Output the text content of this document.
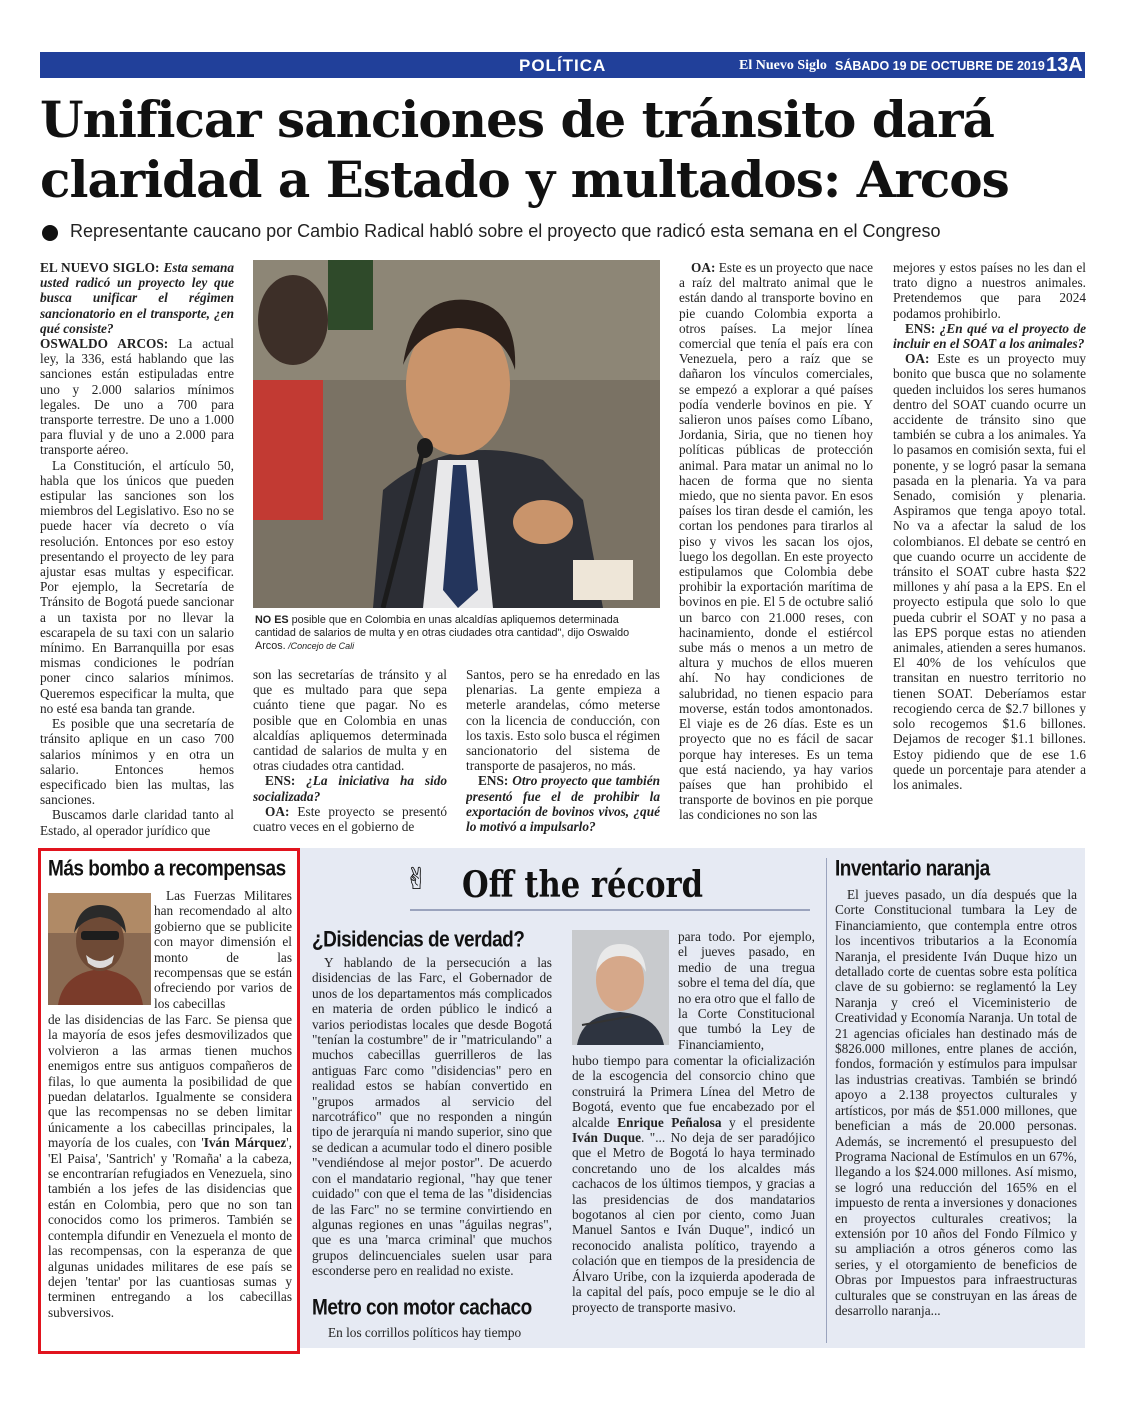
POLÍTICA	El Nuevo Siglo SÁBADO 19 DE OCTUBRE DE 2019 13A
Unificar sanciones de tránsito dará
claridad a Estado y multados: Arcos
Representante caucano por Cambio Radical habló sobre el proyecto que radicó esta semana en el Congreso

EL NUEVO SIGLO: Esta semana usted radicó un proyecto ley que busca unificar el régimen sancionatorio en el transporte, ¿en qué consiste?

OSWALDO ARCOS: La actual ley, la 336, está hablando que las sanciones están estipuladas entre uno y 2.000 salarios mínimos legales. De uno a 700 para transporte terrestre. De uno a 1.000 para fluvial y de uno a 2.000 para transporte aéreo.

La Constitución, el artículo 50, habla que los únicos que pueden estipular las sanciones son los miembros del Legislativo. Eso no se puede hacer vía decreto o vía resolución. Entonces por eso estoy presentando el proyecto de ley para ajustar esas multas y especificar. Por ejemplo, la Secretaría de Tránsito de Bogotá puede sancionar a un taxista por no llevar la escarapela de su taxi con un salario mínimo. En Barranquilla por esas mismas condiciones le podrían poner cinco salarios mínimos. Queremos especificar la multa, que no esté esa banda tan grande.

Es posible que una secretaría de tránsito aplique en un caso 700 salarios mínimos y en otra un salario. Entonces hemos especificado bien las multas, las sanciones.

Buscamos darle claridad tanto al Estado, al operador jurídico que

NO ES posible que en Colombia en unas alcaldías apliquemos determinada cantidad de salarios de multa y en otras ciudades otra cantidad", dijo Oswaldo Arcos. /Concejo de Cali

son las secretarías de tránsito y al que es multado para que sepa cuánto tiene que pagar. No es posible que en Colombia en unas alcaldías apliquemos determinada cantidad de salarios de multa y en otras ciudades otra cantidad.

ENS: ¿La iniciativa ha sido socializada?

OA: Este proyecto se presentó cuatro veces en el gobierno de

Santos, pero se ha enredado en las plenarias. La gente empieza a meterle arandelas, cómo meterse con la licencia de conducción, con los taxis. Esto solo busca el régimen sancionatorio del sistema de transporte de pasajeros, no más.

ENS: Otro proyecto que también presentó fue el de prohibir la exportación de bovinos vivos, ¿qué lo motivó a impulsarlo?

OA: Este es un proyecto que nace a raíz del maltrato animal que le están dando al transporte bovino en pie cuando Colombia exporta a otros países. La mejor línea comercial que tenía el país era con Venezuela, pero a raíz que se dañaron los vínculos comerciales, se empezó a explorar a qué países podía venderle bovinos en pie. Y salieron unos países como Líbano, Jordania, Siria, que no tienen hoy políticas públicas de protección animal. Para matar un animal no lo hacen de forma que no sienta miedo, que no sienta pavor. En esos países los tiran desde el camión, les cortan los pendones para tirarlos al piso y vivos les sacan los ojos, luego los degollan. En este proyecto estipulamos que Colombia debe prohibir la exportación marítima de bovinos en pie. El 5 de octubre salió un barco con 21.000 reses, con hacinamiento, donde el estiércol sube más o menos a un metro de altura y muchos de ellos mueren ahí. No hay condiciones de salubridad, no tienen espacio para moverse, están todos amontonados. El viaje es de 26 días. Este es un proyecto que no es fácil de sacar porque hay intereses. Es un tema que está naciendo, ya hay varios países que han prohibido el transporte de bovinos en pie porque las condiciones no son las

mejores y estos países no les dan el trato digno a nuestros animales. Pretendemos que para 2024 podamos prohibirlo.

ENS: ¿En qué va el proyecto de incluir en el SOAT a los animales?

OA: Este es un proyecto muy bonito que busca que no solamente queden incluidos los seres humanos dentro del SOAT cuando ocurre un accidente de tránsito sino que también se cubra a los animales. Ya lo pasamos en comisión sexta, fui el ponente, y se logró pasar la semana pasada en la plenaria. Ya va para Senado, comisión y plenaria. Aspiramos que tenga apoyo total. No va a afectar la salud de los colombianos. El debate se centró en que cuando ocurre un accidente de tránsito el SOAT cubre hasta $22 millones y ahí pasa a la EPS. En el proyecto estipula que solo lo que pueda cubrir el SOAT y no pasa a las EPS porque estas no atienden animales, atienden a seres humanos. El 40% de los vehículos que transitan en nuestro territorio no tienen SOAT. Deberíamos estar recogiendo cerca de $2.7 billones y solo recogemos $1.6 billones. Dejamos de recoger $1.1 billones. Estoy pidiendo que de ese 1.6 quede un porcentaje para atender a los animales.

Más bombo a recompensas
Las Fuerzas Militares han recomendado al alto gobierno que se publicite con mayor dimensión el monto de las recompensas que se están ofreciendo por varios de los cabecillas
de las disidencias de las Farc. Se piensa que la mayoría de esos jefes desmovilizados que volvieron a las armas tienen muchos enemigos entre sus antiguos compañeros de filas, lo que aumenta la posibilidad de que puedan delatarlos. Igualmente se considera que las recompensas no se deben limitar únicamente a los cabecillas principales, la mayoría de los cuales, con 'Iván Márquez', 'El Paisa', 'Santrich' y 'Romaña' a la cabeza, se encontrarían refugiados en Venezuela, sino también a los jefes de las disidencias que están en Colombia, pero que no son tan conocidos como los primeros. También se contempla difundir en Venezuela el monto de las recompensas, con la esperanza de que algunas unidades militares de ese país se dejen 'tentar' por las cuantiosas sumas y terminen entregando a los cabecillas subversivos.
✌ Off the récord
¿Disidencias de verdad?

Y hablando de la persecución a las disidencias de las Farc, el Gobernador de unos de los departamentos más complicados en materia de orden público le indicó a varios periodistas locales que desde Bogotá "tenían la costumbre" de ir "matriculando" a muchos cabecillas guerrilleros de las antiguas Farc como "disidencias" pero en realidad estos se habían convertido en "grupos armados al servicio del narcotráfico" que no responden a ningún tipo de jerarquía ni mando superior, sino que se dedican a acumular todo el dinero posible "vendiéndose al mejor postor". De acuerdo con el mandatario regional, "hay que tener cuidado" con que el tema de las "disidencias de las Farc" no se termine convirtiendo en algunas regiones en unas "águilas negras", que es una 'marca criminal' que muchos grupos delincuenciales suelen usar para esconderse pero en realidad no existe.

Metro con motor cachaco
En los corrillos políticos hay tiempo
para todo. Por ejemplo, el jueves pasado, en medio de una tregua sobre el tema del día, que no era otro que el fallo de la Corte Constitucional que tumbó la Ley de Financiamiento,
hubo tiempo para comentar la oficialización de la escogencia del consorcio chino que construirá la Primera Línea del Metro de Bogotá, evento que fue encabezado por el alcalde Enrique Peñalosa y el presidente Iván Duque. "... No deja de ser paradójico que el Metro de Bogotá lo haya terminado concretando uno de los alcaldes más cachacos de los últimos tiempos, y gracias a las presidencias de dos mandatarios bogotanos al cien por ciento, como Juan Manuel Santos e Iván Duque", indicó un reconocido analista político, trayendo a colación que en tiempos de la presidencia de Álvaro Uribe, con la izquierda apoderada de la capital del país, poco empuje se le dio al proyecto de transporte masivo.
Inventario naranja

El jueves pasado, un día después que la Corte Constitucional tumbara la Ley de Financiamiento, que contempla entre otros los incentivos tributarios a la Economía Naranja, el presidente Iván Duque hizo un detallado corte de cuentas sobre esta política clave de su gobierno: se reglamentó la Ley Naranja y creó el Viceministerio de Creatividad y Economía Naranja. Un total de 21 agencias oficiales han destinado más de $826.000 millones, entre planes de acción, fondos, formación y estímulos para impulsar las industrias creativas. También se brindó apoyo a 2.138 proyectos culturales y artísticos, por más de $51.000 millones, que benefician a más de 20.000 personas. Además, se incrementó el presupuesto del Programa Nacional de Estímulos en un 67%, llegando a los $24.000 millones. Así mismo, se logró una reducción del 165% en el impuesto de renta a inversiones y donaciones en proyectos culturales creativos; la extensión por 10 años del Fondo Fílmico y su ampliación a otros géneros como las series, y el otorgamiento de beneficios de Obras por Impuestos para infraestructuras culturales que se construyan en las áreas de desarrollo naranja...
